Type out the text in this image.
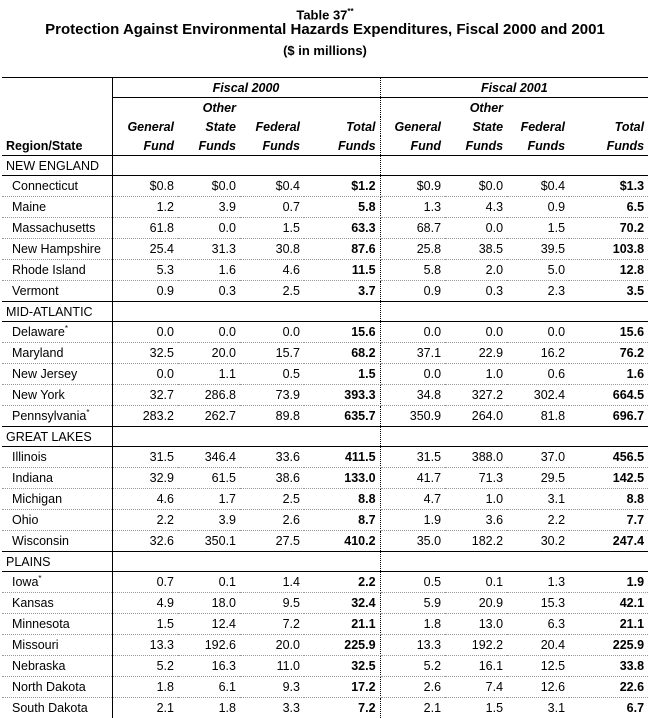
Table 37**
Protection Against Environmental Hazards Expenditures, Fiscal 2000 and 2001
($ in millions)
	Fiscal 2000				Fiscal 2001			
		Other				Other		
	General	State	Federal	Total	General	State	Federal	Total
Region/State	Fund	Funds	Funds	Funds	Fund	Funds	Funds	Funds
NEW ENGLAND								
Connecticut	$0.8	$0.0	$0.4	$1.2	$0.9	$0.0	$0.4	$1.3
Maine	1.2	3.9	0.7	5.8	1.3	4.3	0.9	6.5
Massachusetts	61.8	0.0	1.5	63.3	68.7	0.0	1.5	70.2
New Hampshire	25.4	31.3	30.8	87.6	25.8	38.5	39.5	103.8
Rhode Island	5.3	1.6	4.6	11.5	5.8	2.0	5.0	12.8
Vermont	0.9	0.3	2.5	3.7	0.9	0.3	2.3	3.5
MID-ATLANTIC								
Delaware*	0.0	0.0	0.0	15.6	0.0	0.0	0.0	15.6
Maryland	32.5	20.0	15.7	68.2	37.1	22.9	16.2	76.2
New Jersey	0.0	1.1	0.5	1.5	0.0	1.0	0.6	1.6
New York	32.7	286.8	73.9	393.3	34.8	327.2	302.4	664.5
Pennsylvania*	283.2	262.7	89.8	635.7	350.9	264.0	81.8	696.7
GREAT LAKES								
Illinois	31.5	346.4	33.6	411.5	31.5	388.0	37.0	456.5
Indiana	32.9	61.5	38.6	133.0	41.7	71.3	29.5	142.5
Michigan	4.6	1.7	2.5	8.8	4.7	1.0	3.1	8.8
Ohio	2.2	3.9	2.6	8.7	1.9	3.6	2.2	7.7
Wisconsin	32.6	350.1	27.5	410.2	35.0	182.2	30.2	247.4
PLAINS								
Iowa*	0.7	0.1	1.4	2.2	0.5	0.1	1.3	1.9
Kansas	4.9	18.0	9.5	32.4	5.9	20.9	15.3	42.1
Minnesota	1.5	12.4	7.2	21.1	1.8	13.0	6.3	21.1
Missouri	13.3	192.6	20.0	225.9	13.3	192.2	20.4	225.9
Nebraska	5.2	16.3	11.0	32.5	5.2	16.1	12.5	33.8
North Dakota	1.8	6.1	9.3	17.2	2.6	7.4	12.6	22.6
South Dakota	2.1	1.8	3.3	7.2	2.1	1.5	3.1	6.7
